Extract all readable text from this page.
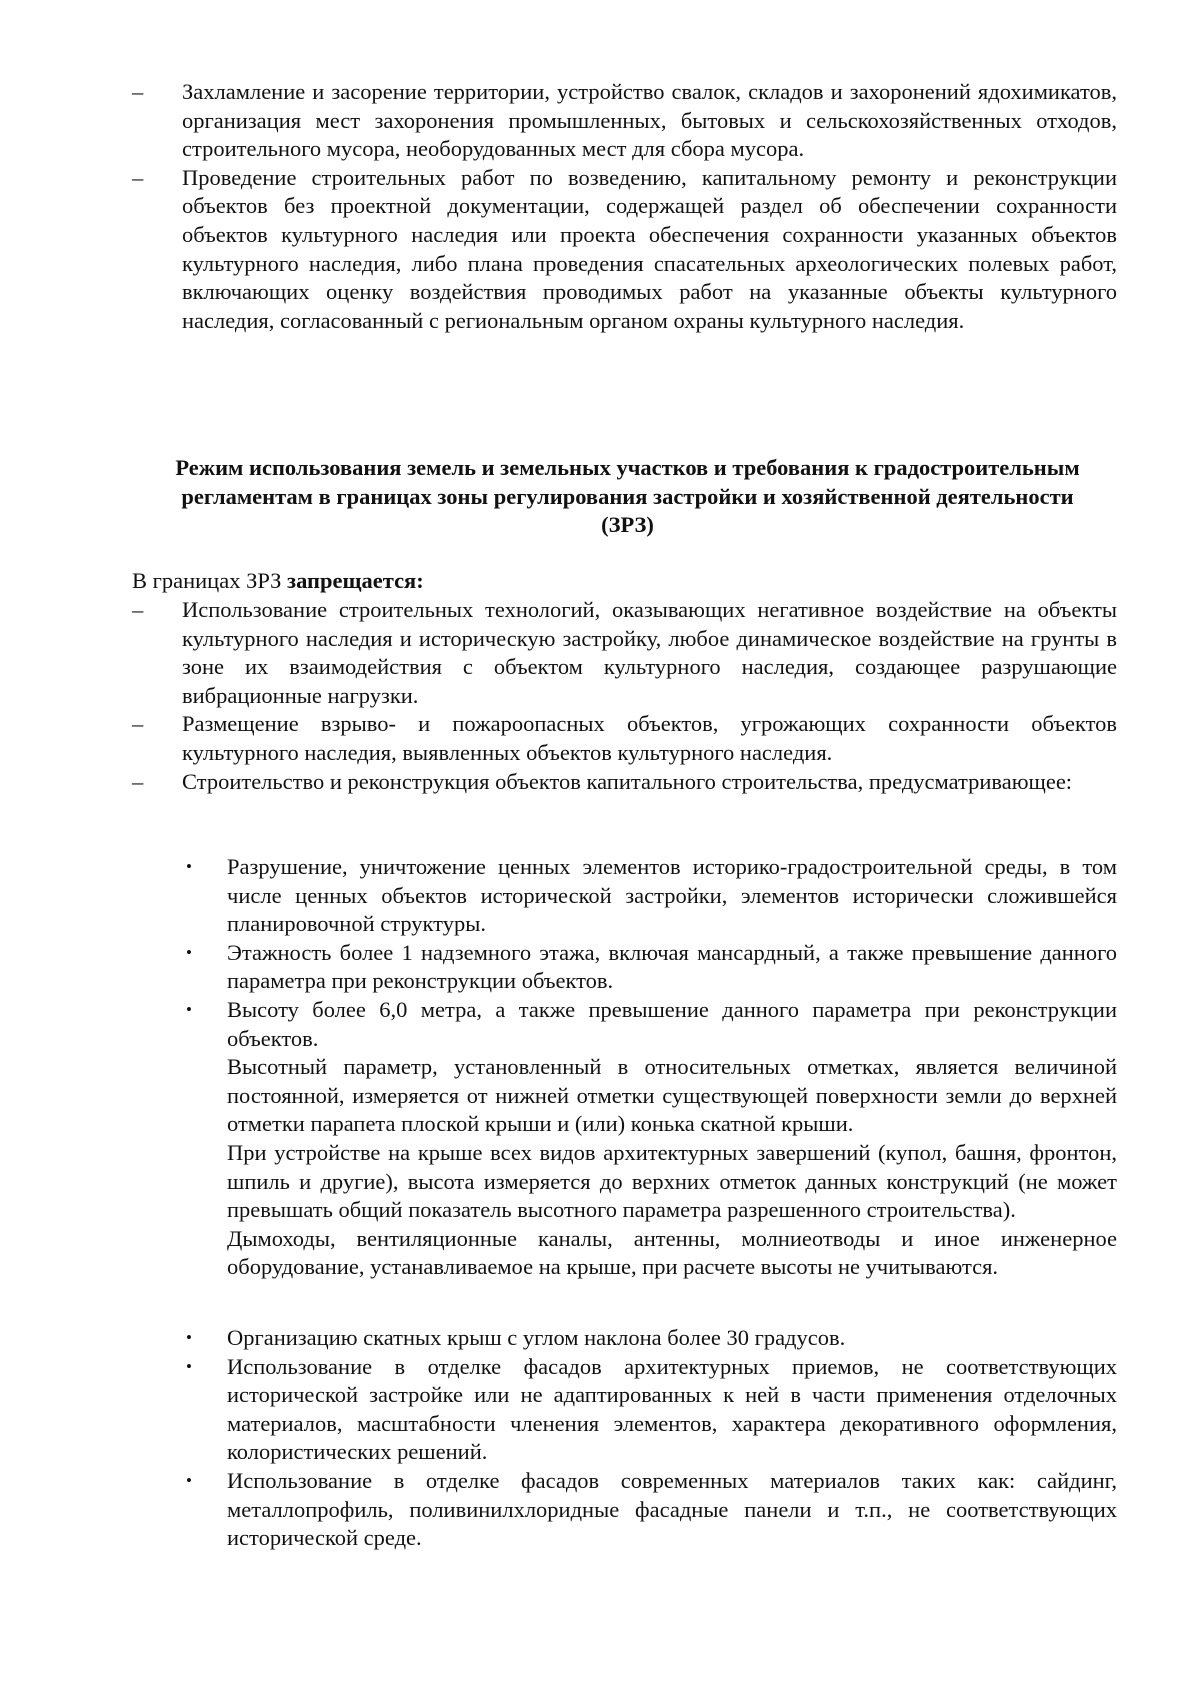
– Захламление и засорение территории, устройство свалок, складов и захоронений ядохимикатов, организация мест захоронения промышленных, бытовых и сельскохозяйственных отходов, строительного мусора, необорудованных мест для сбора мусора.
– Проведение строительных работ по возведению, капитальному ремонту и реконструкции объектов без проектной документации, содержащей раздел об обеспечении сохранности объектов культурного наследия или проекта обеспечения сохранности указанных объектов культурного наследия, либо плана проведения спасательных археологических полевых работ, включающих оценку воздействия проводимых работ на указанные объекты культурного наследия, согласованный с региональным органом охраны культурного наследия.
Режим использования земель и земельных участков и требования к градостроительным регламентам в границах зоны регулирования застройки и хозяйственной деятельности (ЗРЗ)
В границах ЗРЗ запрещается:
– Использование строительных технологий, оказывающих негативное воздействие на объекты культурного наследия и историческую застройку, любое динамическое воздействие на грунты в зоне их взаимодействия с объектом культурного наследия, создающее разрушающие вибрационные нагрузки.
– Размещение взрыво- и пожароопасных объектов, угрожающих сохранности объектов культурного наследия, выявленных объектов культурного наследия.
– Строительство и реконструкция объектов капитального строительства, предусматривающее:
• Разрушение, уничтожение ценных элементов историко-градостроительной среды, в том числе ценных объектов исторической застройки, элементов исторически сложившейся планировочной структуры.
• Этажность более 1 надземного этажа, включая мансардный, а также превышение данного параметра при реконструкции объектов.
• Высоту более 6,0 метра, а также превышение данного параметра при реконструкции объектов.
Высотный параметр, установленный в относительных отметках, является величиной постоянной, измеряется от нижней отметки существующей поверхности земли до верхней отметки парапета плоской крыши и (или) конька скатной крыши.
При устройстве на крыше всех видов архитектурных завершений (купол, башня, фронтон, шпиль и другие), высота измеряется до верхних отметок данных конструкций (не может превышать общий показатель высотного параметра разрешенного строительства).
Дымоходы, вентиляционные каналы, антенны, молниеотводы и иное инженерное оборудование, устанавливаемое на крыше, при расчете высоты не учитываются.
• Организацию скатных крыш с углом наклона более 30 градусов.
• Использование в отделке фасадов архитектурных приемов, не соответствующих исторической застройке или не адаптированных к ней в части применения отделочных материалов, масштабности членения элементов, характера декоративного оформления, колористических решений.
• Использование в отделке фасадов современных материалов таких как: сайдинг, металлопрофиль, поливинилхлоридные фасадные панели и т.п., не соответствующих исторической среде.
